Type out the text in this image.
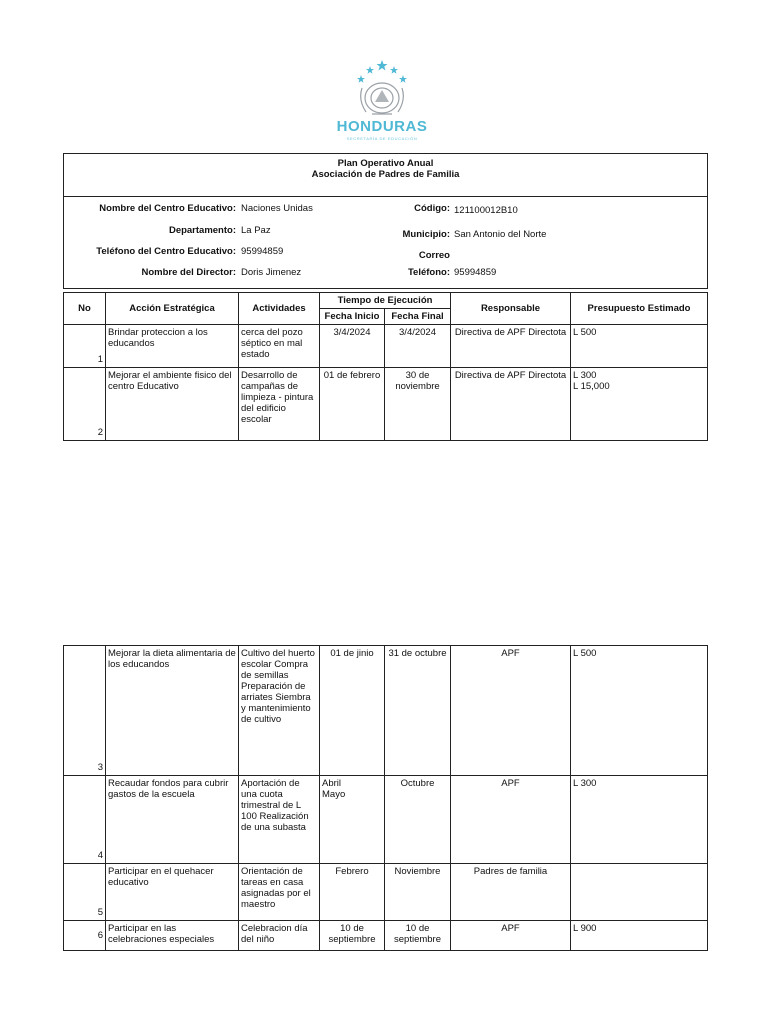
HONDURAS
SECRETARÍA DE EDUCACIÓN
Plan Operativo Anual
Asociación de Padres de Familia

Nombre del Centro Educativo: Naciones Unidas	Código: 121100012B10
Departamento: La Paz	Municipio: San Antonio del Norte
Teléfono del Centro Educativo: 95994859	Correo
Nombre del Director: Doris Jimenez	Teléfono: 95994859
No	Acción Estratégica	Actividades	Tiempo de Ejecución		Responsable	Presupuesto Estimado
			Fecha Inicio	Fecha Final		
1	Brindar proteccion a los educandos	cerca del pozo séptico en mal estado	3/4/2024	3/4/2024	Directiva de APF Directota	L 500
2	Mejorar el ambiente fisico del centro Educativo	Desarrollo de campañas de limpieza - pintura del edificio escolar	01 de febrero	30 de noviembre	Directiva de APF Directota	L 300
L 15,000
3	Mejorar la dieta alimentaria de los educandos	Cultivo del huerto escolar Compra de semillas Preparación de arriates Siembra y mantenimiento de cultivo	01 de jinio	31 de octubre	APF	L 500
4	Recaudar fondos para cubrir gastos de la escuela	Aportación de una cuota trimestral de L 100 Realización de una subasta	Abril
Mayo	Octubre	APF	L 300
5	Participar en el quehacer educativo	Orientación de tareas en casa asignadas por el maestro	Febrero	Noviembre	Padres de familia	
6	Participar en las celebraciones especiales	Celebracion día del niño	10 de septiembre	10 de septiembre	APF	L 900
